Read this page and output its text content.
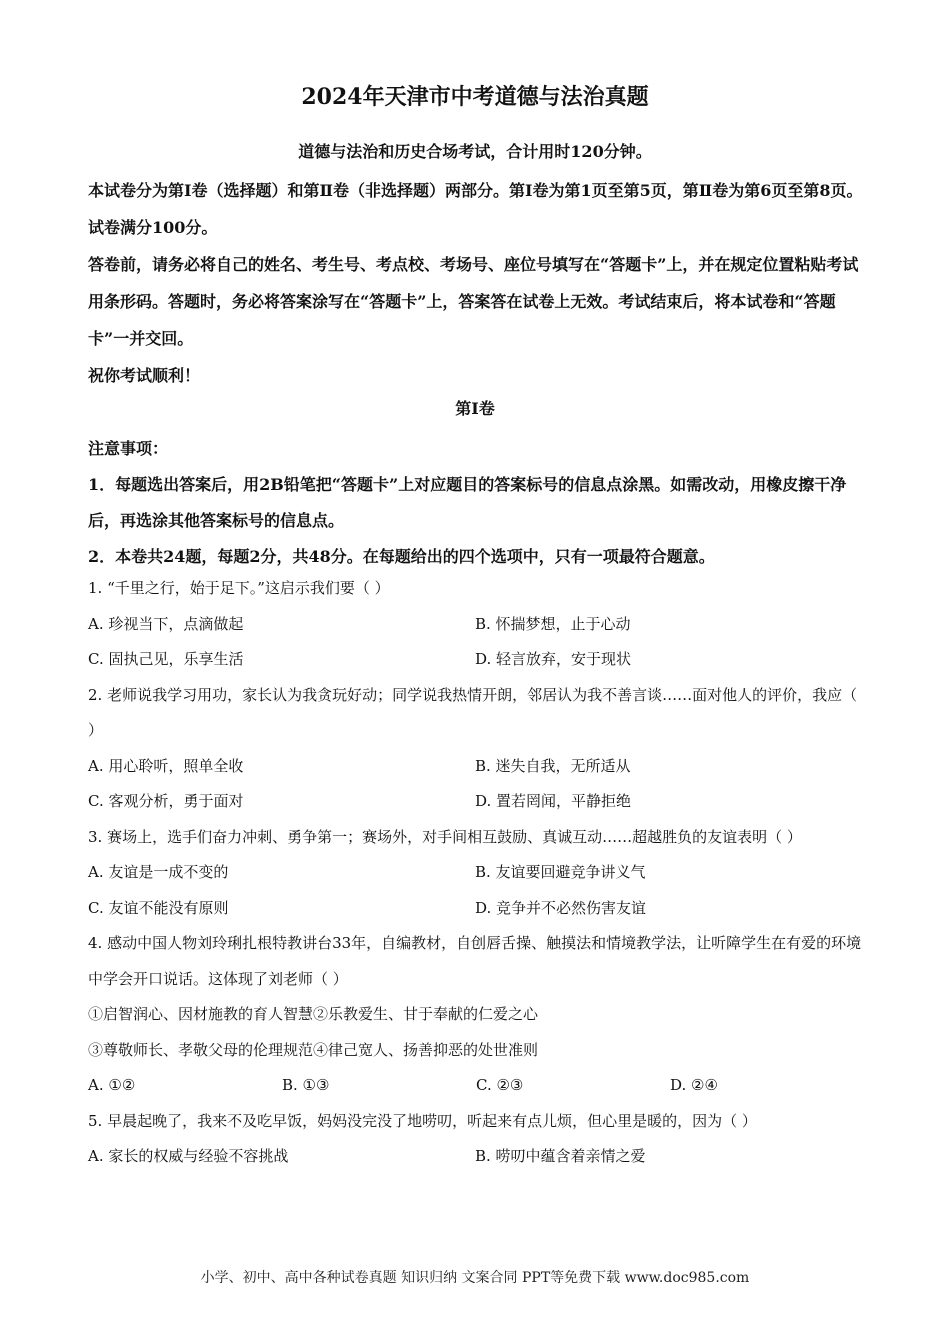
2024年天津市中考道德与法治真题
道德与法治和历史合场考试，合计用时120分钟。

本试卷分为第Ⅰ卷（选择题）和第Ⅱ卷（非选择题）两部分。第Ⅰ卷为第1页至第5页，第Ⅱ卷为第6页至第8页。试卷满分100分。

答卷前，请务必将自己的姓名、考生号、考点校、考场号、座位号填写在“答题卡”上，并在规定位置粘贴考试用条形码。答题时，务必将答案涂写在“答题卡”上，答案答在试卷上无效。考试结束后，将本试卷和“答题卡”一并交回。

祝你考试顺利！

第Ⅰ卷

注意事项：

1．每题选出答案后，用2B铅笔把“答题卡”上对应题目的答案标号的信息点涂黑。如需改动，用橡皮擦干净后，再选涂其他答案标号的信息点。

2．本卷共24题，每题2分，共48分。在每题给出的四个选项中，只有一项最符合题意。

1. “千里之行，始于足下。”这启示我们要（ ）

A. 珍视当下，点滴做起	B. 怀揣梦想，止于心动
C. 固执己见，乐享生活	D. 轻言放弃，安于现状

2. 老师说我学习用功，家长认为我贪玩好动；同学说我热情开朗，邻居认为我不善言谈……面对他人的评价，我应（ ）

A. 用心聆听，照单全收	B. 迷失自我，无所适从
C. 客观分析，勇于面对	D. 置若罔闻，平静拒绝

3. 赛场上，选手们奋力冲刺、勇争第一；赛场外，对手间相互鼓励、真诚互动……超越胜负的友谊表明（ ）

A. 友谊是一成不变的	B. 友谊要回避竞争讲义气
C. 友谊不能没有原则	D. 竞争并不必然伤害友谊

4. 感动中国人物刘玲琍扎根特教讲台33年，自编教材，自创唇舌操、触摸法和情境教学法，让听障学生在有爱的环境中学会开口说话。这体现了刘老师（ ）

①启智润心、因材施教的育人智慧②乐教爱生、甘于奉献的仁爱之心

③尊敬师长、孝敬父母的伦理规范④律己宽人、扬善抑恶的处世准则

A. ①②	B. ①③	C. ②③	D. ②④

5. 早晨起晚了，我来不及吃早饭，妈妈没完没了地唠叨，听起来有点儿烦，但心里是暖的，因为（ ）

A. 家长的权威与经验不容挑战	B. 唠叨中蕴含着亲情之爱
小学、初中、高中各种试卷真题 知识归纳 文案合同 PPT等免费下载 www.doc985.com
